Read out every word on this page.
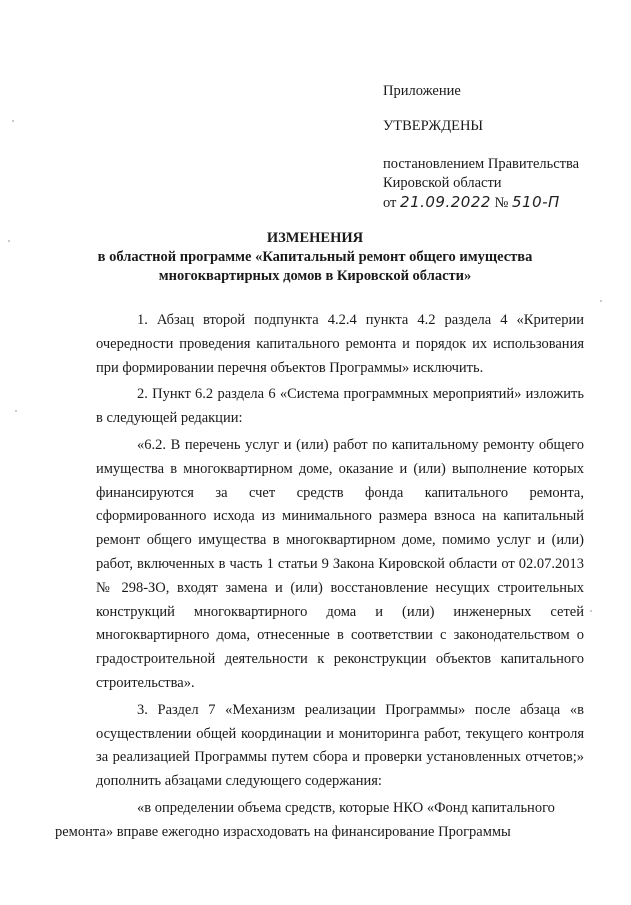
Приложение
УТВЕРЖДЕНЫ
постановлением Правительства
Кировской области
от 21.09.2022 № 510-П
ИЗМЕНЕНИЯ
в областной программе «Капитальный ремонт общего имущества
многоквартирных домов в Кировской области»

1. Абзац второй подпункта 4.2.4 пункта 4.2 раздела 4 «Критерии очередности проведения капитального ремонта и порядок их использования при формировании перечня объектов Программы» исключить.

2. Пункт 6.2 раздела 6 «Система программных мероприятий» изложить в следующей редакции:

«6.2. В перечень услуг и (или) работ по капитальному ремонту общего имущества в многоквартирном доме, оказание и (или) выполнение которых финансируются за счет средств фонда капитального ремонта, сформированного исхода из минимального размера взноса на капитальный ремонт общего имущества в многоквартирном доме, помимо услуг и (или) работ, включенных в часть 1 статьи 9 Закона Кировской области от 02.07.2013 № 298-ЗО, входят замена и (или) восстановление несущих строительных конструкций многоквартирного дома и (или) инженерных сетей многоквартирного дома, отнесенные в соответствии с законодательством о градостроительной деятельности к реконструкции объектов капитального строительства».

3. Раздел 7 «Механизм реализации Программы» после абзаца «в осуществлении общей координации и мониторинга работ, текущего контроля за реализацией Программы путем сбора и проверки установленных отчетов;» дополнить абзацами следующего содержания:

«в определении объема средств, которые НКО «Фонд капитального
ремонта» вправе ежегодно израсходовать на финансирование Программы
